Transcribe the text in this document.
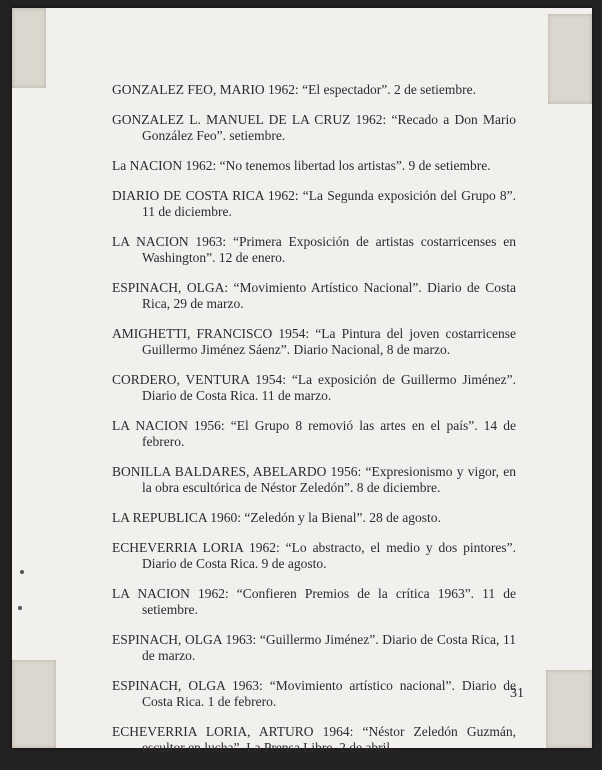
GONZALEZ FEO, MARIO 1962: “El espectador”. 2 de setiembre.

GONZALEZ L. MANUEL DE LA CRUZ 1962: “Recado a Don Mario González Feo”. setiembre.

La NACION 1962: “No tenemos libertad los artistas”. 9 de setiembre.

DIARIO DE COSTA RICA 1962: “La Segunda exposición del Grupo 8”. 11 de diciembre.

LA NACION 1963: “Primera Exposición de artistas costarricenses en Washington”. 12 de enero.

ESPINACH, OLGA: “Movimiento Artístico Nacional”. Diario de Costa Rica, 29 de marzo.

AMIGHETTI, FRANCISCO 1954: “La Pintura del joven costarricense Guillermo Jiménez Sáenz”. Diario Nacional, 8 de marzo.

CORDERO, VENTURA 1954: “La exposición de Guillermo Jiménez”. Diario de Costa Rica. 11 de marzo.

LA NACION 1956: “El Grupo 8 removió las artes en el país”. 14 de febrero.

BONILLA BALDARES, ABELARDO 1956: “Expresionismo y vigor, en la obra escultórica de Néstor Zeledón”. 8 de diciembre.

LA REPUBLICA 1960: “Zeledón y la Bienal”. 28 de agosto.

ECHEVERRIA LORIA 1962: “Lo abstracto, el medio y dos pintores”. Diario de Costa Rica. 9 de agosto.

LA NACION 1962: “Confieren Premios de la crítica 1963”. 11 de setiembre.

ESPINACH, OLGA 1963: “Guillermo Jiménez”. Diario de Costa Rica, 11 de marzo.

ESPINACH, OLGA 1963: “Movimiento artístico nacional”. Diario de Costa Rica. 1 de febrero.

ECHEVERRIA LORIA, ARTURO 1964: “Néstor Zeledón Guzmán, escultor en lucha”. La Prensa Libre, 2 de abril.

31
